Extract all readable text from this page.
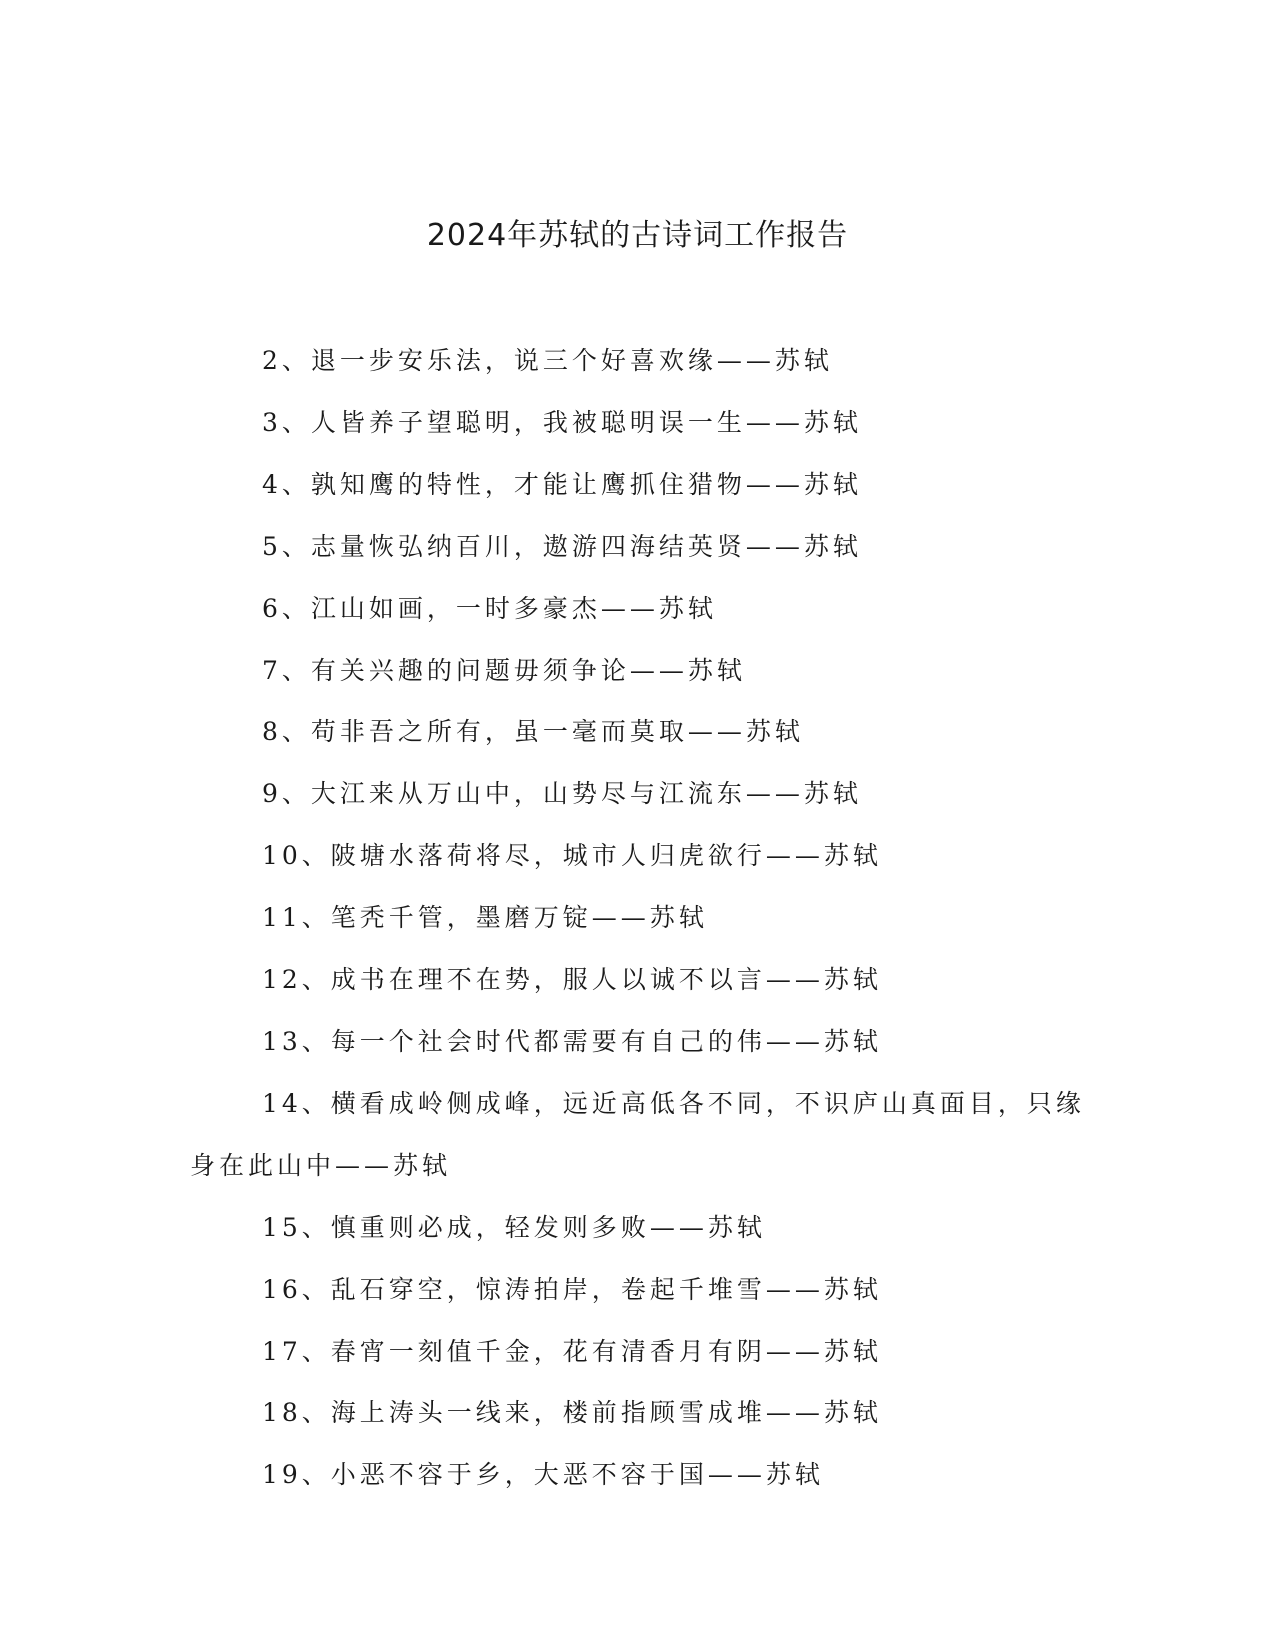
2024年苏轼的古诗词工作报告

2、退一步安乐法，说三个好喜欢缘——苏轼

3、人皆养子望聪明，我被聪明误一生——苏轼

4、孰知鹰的特性，才能让鹰抓住猎物——苏轼

5、志量恢弘纳百川，遨游四海结英贤——苏轼

6、江山如画，一时多豪杰——苏轼

7、有关兴趣的问题毋须争论——苏轼

8、苟非吾之所有，虽一毫而莫取——苏轼

9、大江来从万山中，山势尽与江流东——苏轼

10、陂塘水落荷将尽，城市人归虎欲行——苏轼

11、笔秃千管，墨磨万锭——苏轼

12、成书在理不在势，服人以诚不以言——苏轼

13、每一个社会时代都需要有自己的伟——苏轼

14、横看成岭侧成峰，远近高低各不同，不识庐山真面目，只缘身在此山中——苏轼

15、慎重则必成，轻发则多败——苏轼

16、乱石穿空，惊涛拍岸，卷起千堆雪——苏轼

17、春宵一刻值千金，花有清香月有阴——苏轼

18、海上涛头一线来，楼前指顾雪成堆——苏轼

19、小恶不容于乡，大恶不容于国——苏轼
